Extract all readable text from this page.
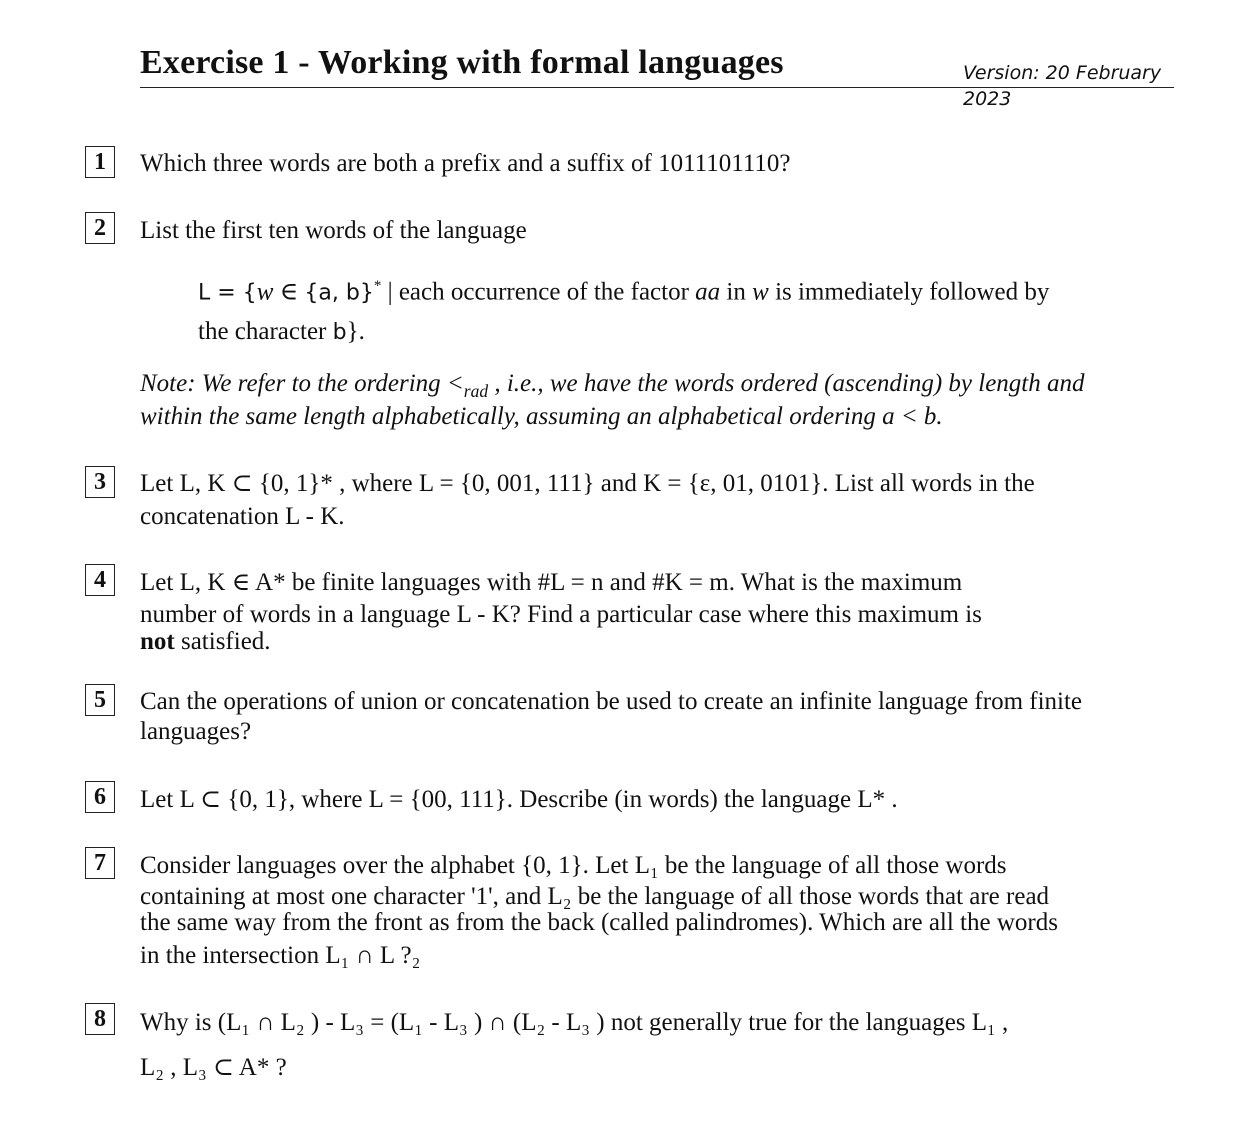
Exercise 1 - Working with formal languages	Version: 20 February
2023
1	Which three words are both a prefix and a suffix of 1011101110?
2	List the first ten words of the language
L = {w ∈ {a, b}* | each occurrence of the factor aa in w is immediately followed by
the character b}.
Note: We refer to the ordering $<_{rad}$ , i.e., we have the words ordered (ascending) by length and
within the same length alphabetically, assuming an alphabetical ordering a < b.
3	Let L, K ⊂ {0, 1}* , where L = {0, 001, 111} and K = {ε, 01, 0101}. List all words in the
concatenation L - K.
4	Let L, K ∈ A* be finite languages with #L = n and #K = m. What is the maximum
number of words in a language L - K? Find a particular case where this maximum is
not satisfied.
5	Can the operations of union or concatenation be used to create an infinite language from finite
languages?
6	Let L ⊂ {0, 1}, where L = {00, 111}. Describe (in words) the language L* .
7	Consider languages over the alphabet {0, 1}. Let L₁ be the language of all those words
containing at most one character '1', and L₂ be the language of all those words that are read
the same way from the front as from the back (called palindromes). Which are all the words
in the intersection L₁ ∩ L ?₂
8	Why is (L₁ ∩ L₂ ) - L₃ = (L₁ - L₃ ) ∩ (L₂ - L₃ ) not generally true for the languages L₁ ,
L₂ , L₃ ⊂ A* ?
